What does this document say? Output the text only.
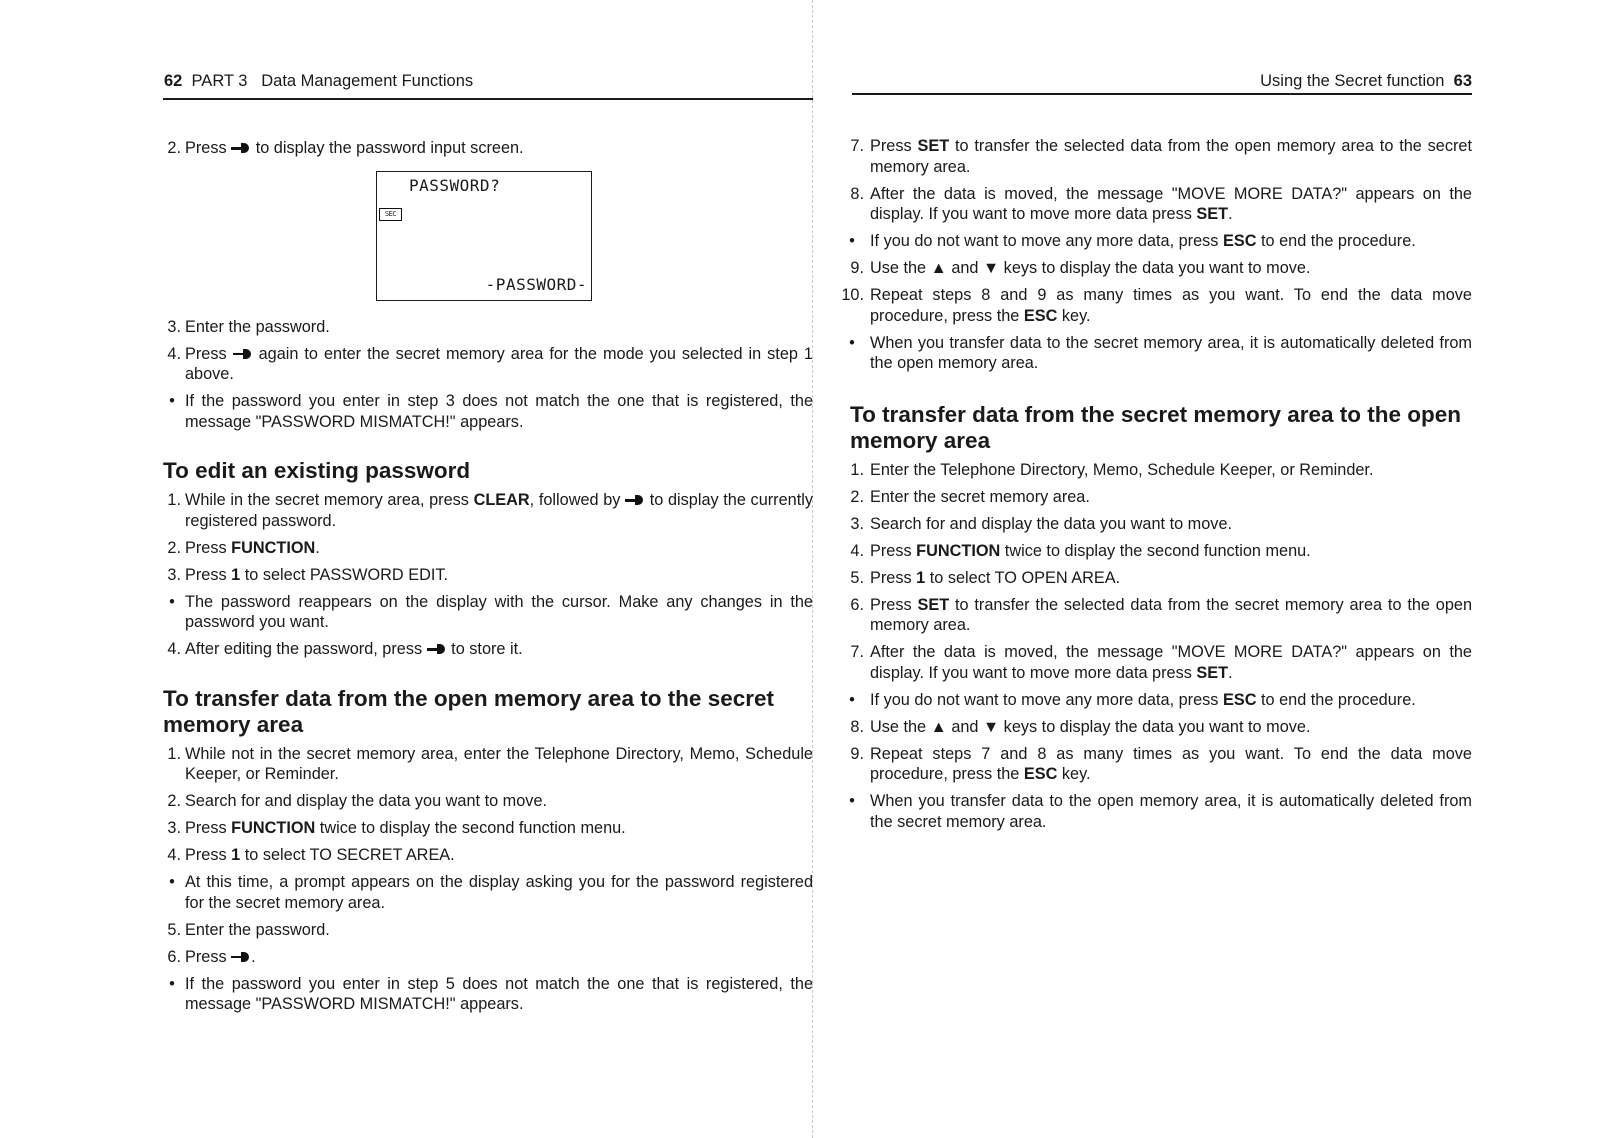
62 PART 3 Data Management Functions
2. Press to display the password input screen.
PASSWORD?
SEC
-PASSWORD-
3. Enter the password.
4. Press again to enter the secret memory area for the mode you selected in step 1 above.
• If the password you enter in step 3 does not match the one that is registered, the message "PASSWORD MISMATCH!" appears.
To edit an existing password
1. While in the secret memory area, press CLEAR, followed by to display the currently registered password.
2. Press FUNCTION.
3. Press 1 to select PASSWORD EDIT.
• The password reappears on the display with the cursor. Make any changes in the password you want.
4. After editing the password, press to store it.
To transfer data from the open memory area to the secret memory area
1. While not in the secret memory area, enter the Telephone Directory, Memo, Schedule Keeper, or Reminder.
2. Search for and display the data you want to move.
3. Press FUNCTION twice to display the second function menu.
4. Press 1 to select TO SECRET AREA.
• At this time, a prompt appears on the display asking you for the password registered for the secret memory area.
5. Enter the password.
6. Press .
• If the password you enter in step 5 does not match the one that is registered, the message "PASSWORD MISMATCH!" appears.
Using the Secret function 63
7. Press SET to transfer the selected data from the open memory area to the secret memory area.
8. After the data is moved, the message "MOVE MORE DATA?" appears on the display. If you want to move more data press SET.
• If you do not want to move any more data, press ESC to end the procedure.
9. Use the ▲ and ▼ keys to display the data you want to move.
10. Repeat steps 8 and 9 as many times as you want. To end the data move procedure, press the ESC key.
• When you transfer data to the secret memory area, it is automatically deleted from the open memory area.
To transfer data from the secret memory area to the open memory area
1. Enter the Telephone Directory, Memo, Schedule Keeper, or Reminder.
2. Enter the secret memory area.
3. Search for and display the data you want to move.
4. Press FUNCTION twice to display the second function menu.
5. Press 1 to select TO OPEN AREA.
6. Press SET to transfer the selected data from the secret memory area to the open memory area.
7. After the data is moved, the message "MOVE MORE DATA?" appears on the display. If you want to move more data press SET.
• If you do not want to move any more data, press ESC to end the procedure.
8. Use the ▲ and ▼ keys to display the data you want to move.
9. Repeat steps 7 and 8 as many times as you want. To end the data move procedure, press the ESC key.
• When you transfer data to the open memory area, it is automatically deleted from the secret memory area.
